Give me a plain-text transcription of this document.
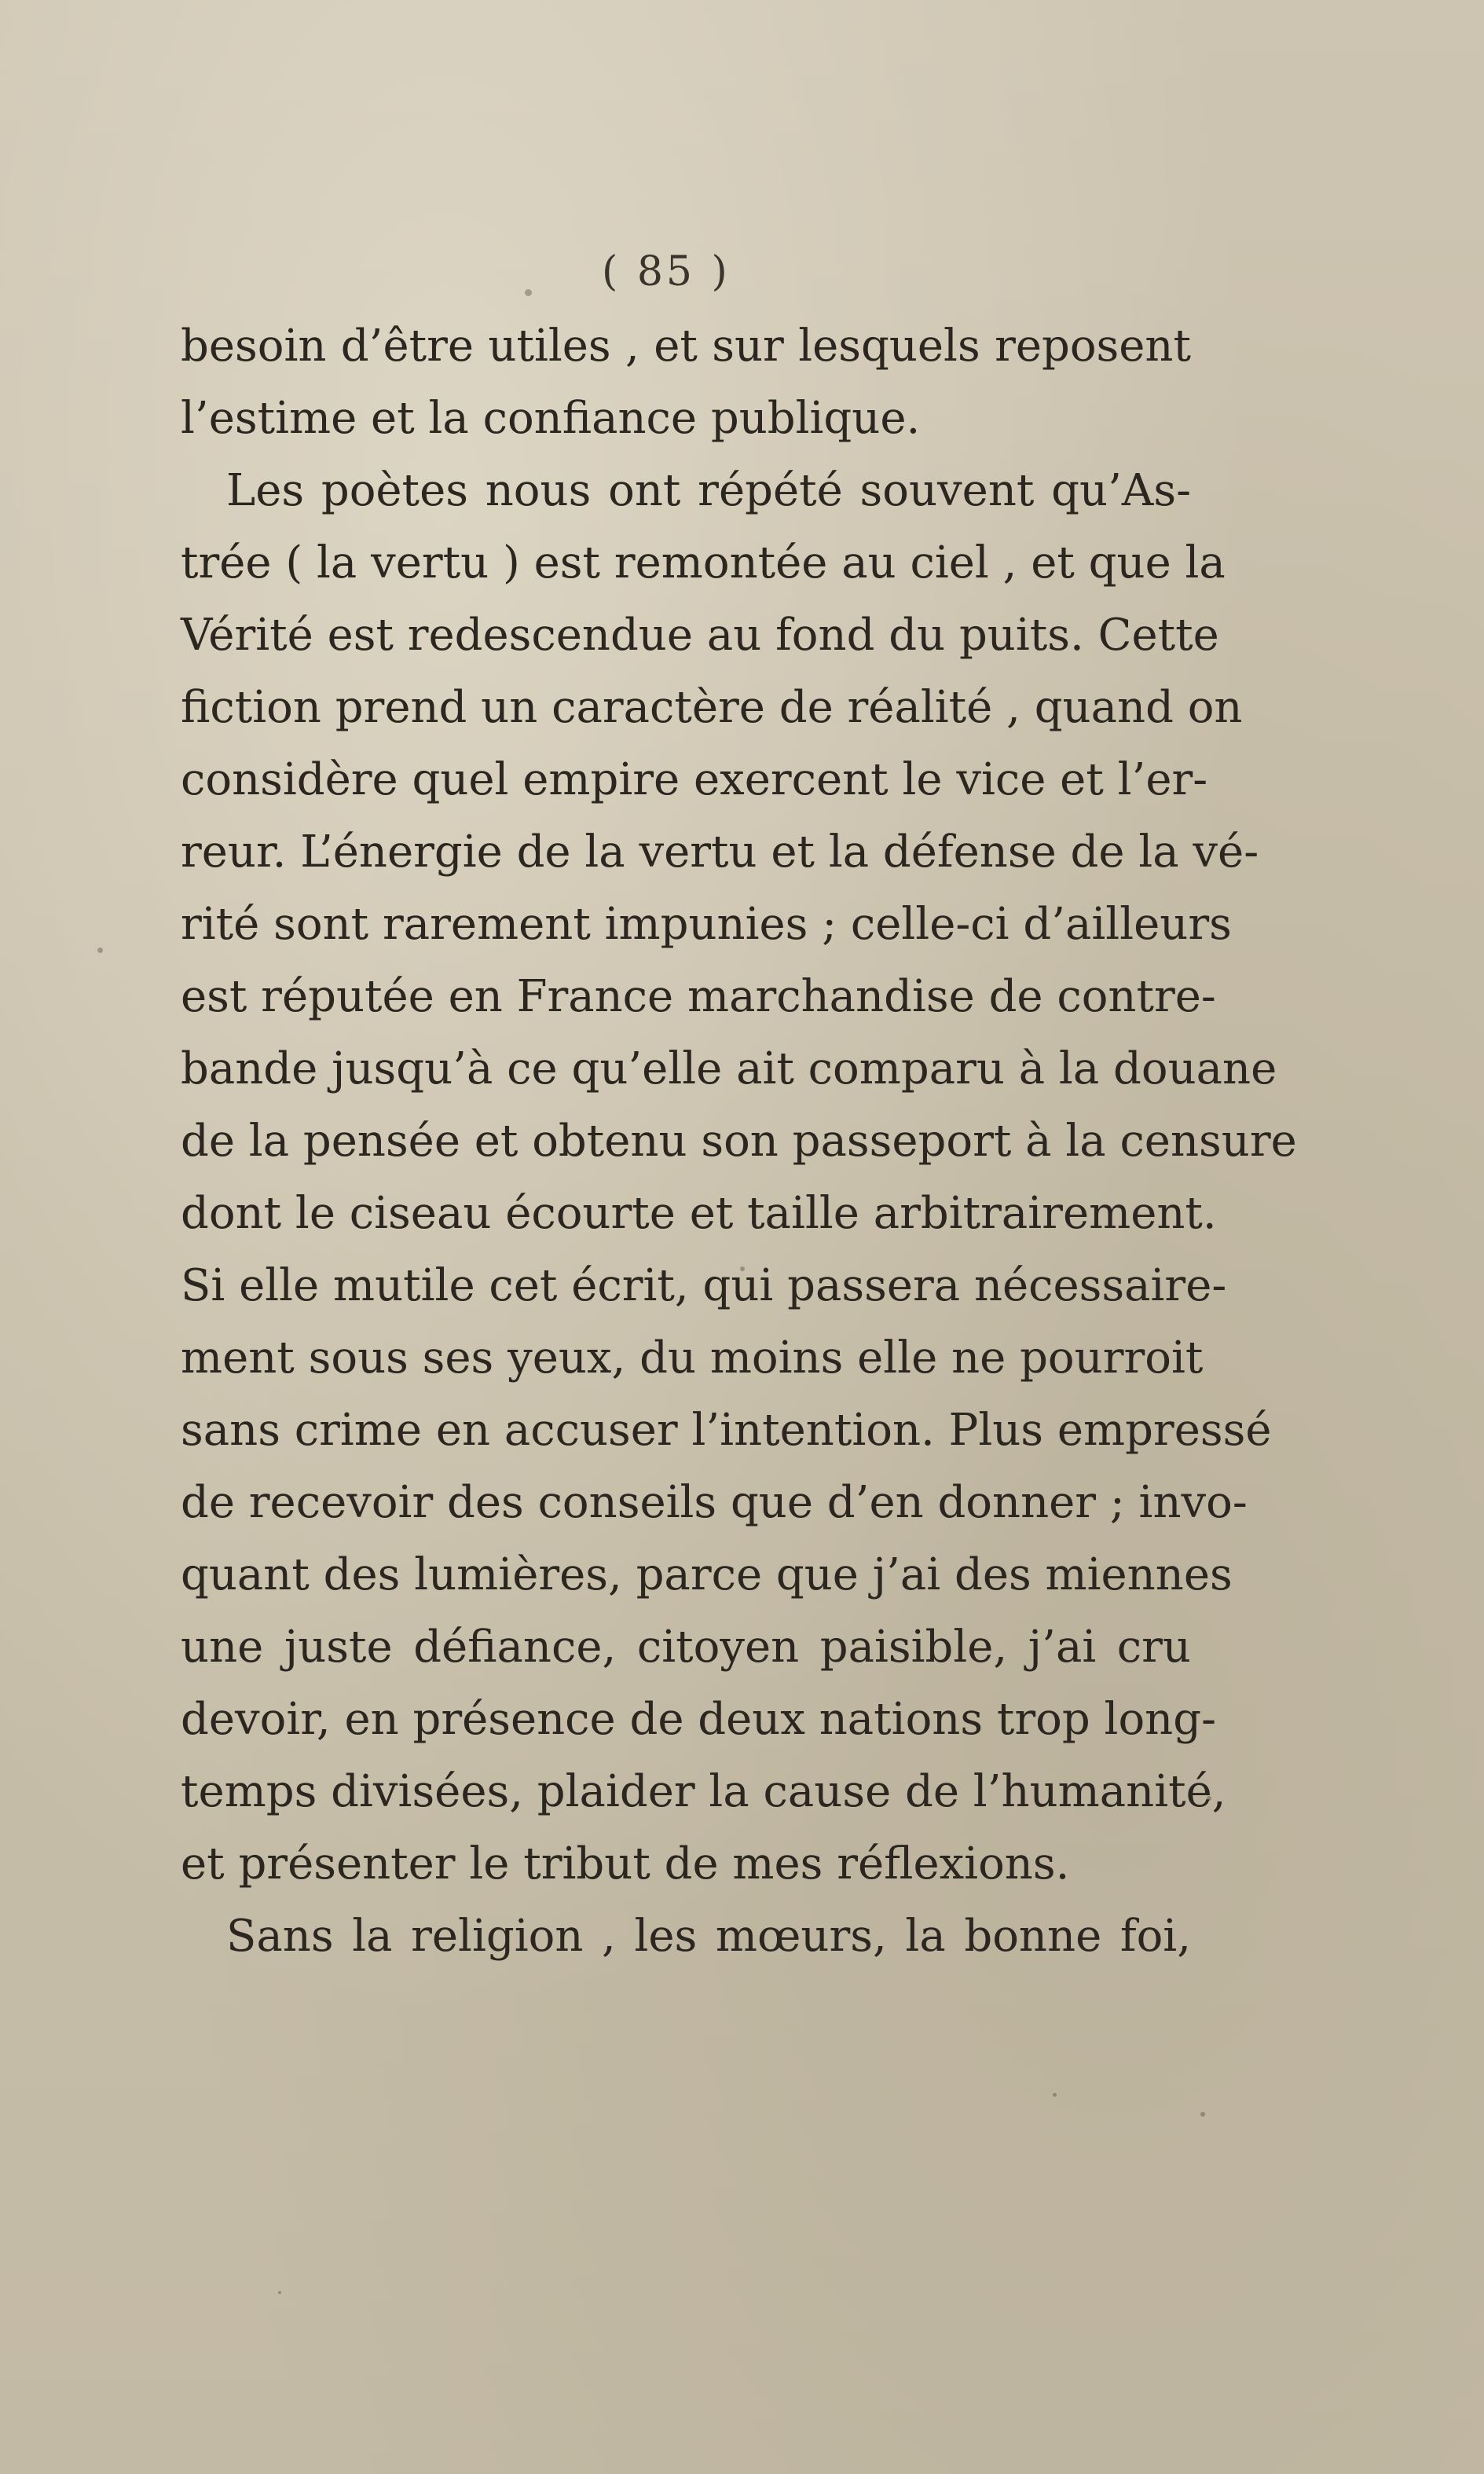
( 85 )
besoin d’être utiles , et sur lesquels reposent
l’estime et la confiance publique.
Les poètes nous ont répété souvent qu’As-
trée ( la vertu ) est remontée au ciel , et que la
Vérité est redescendue au fond du puits. Cette
fiction prend un caractère de réalité , quand on
considère quel empire exercent le vice et l’er-
reur. L’énergie de la vertu et la défense de la vé-
rité sont rarement impunies ; celle-ci d’ailleurs
est réputée en France marchandise de contre-
bande jusqu’à ce qu’elle ait comparu à la douane
de la pensée et obtenu son passeport à la censure
dont le ciseau écourte et taille arbitrairement.
Si elle mutile cet écrit, qui passera nécessaire-
ment sous ses yeux, du moins elle ne pourroit
sans crime en accuser l’intention. Plus empressé
de recevoir des conseils que d’en donner ; invo-
quant des lumières, parce que j’ai des miennes
une juste défiance, citoyen paisible, j’ai cru
devoir, en présence de deux nations trop long-
temps divisées, plaider la cause de l’humanité,
et présenter le tribut de mes réflexions.
Sans la religion , les mœurs, la bonne foi,
